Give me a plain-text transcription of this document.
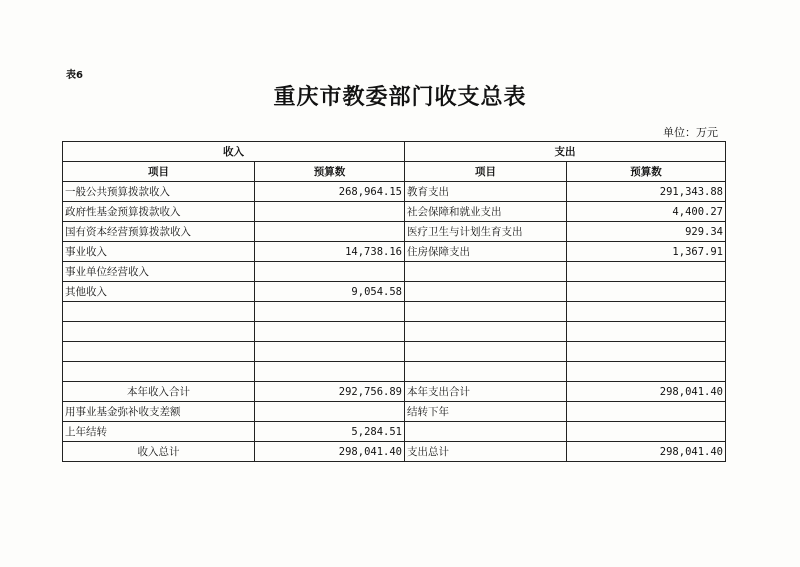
表6
重庆市教委部门收支总表
单位：万元
收入		支出	
项目	预算数	项目	预算数
一般公共预算拨款收入	268,964.15	教育支出	291,343.88
政府性基金预算拨款收入		社会保障和就业支出	4,400.27
国有资本经营预算拨款收入		医疗卫生与计划生育支出	929.34
事业收入	14,738.16	住房保障支出	1,367.91
事业单位经营收入			
其他收入	9,054.58		

本年收入合计	292,756.89	本年支出合计	298,041.40
用事业基金弥补收支差额		结转下年	
上年结转	5,284.51		
收入总计	298,041.40	支出总计	298,041.40
